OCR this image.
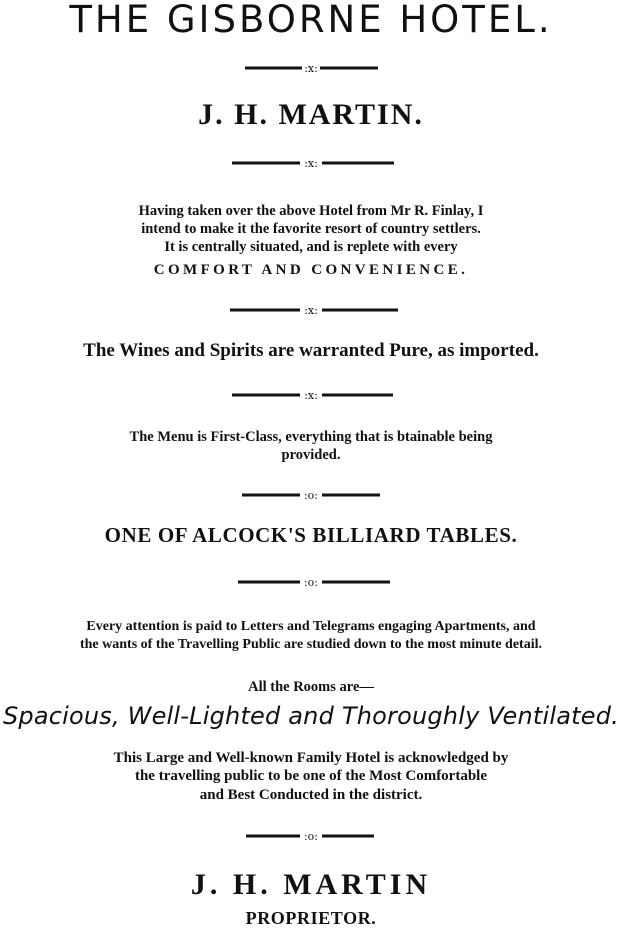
THE GISBORNE HOTEL.
:x:
J. H. MARTIN.
:x:
Having taken over the above Hotel from Mr R. Finlay, I
intend to make it the favorite resort of country settlers.
It is centrally situated, and is replete with every
COMFORT AND CONVENIENCE.
:x:
The Wines and Spirits are warranted Pure, as imported.
:x:
The Menu is First-Class, everything that is btainable being
provided.
:o:
ONE OF ALCOCK'S BILLIARD TABLES.
:o:
Every attention is paid to Letters and Telegrams engaging Apartments, and
the wants of the Travelling Public are studied down to the most minute detail.
All the Rooms are—
Spacious, Well-Lighted and Thoroughly Ventilated.
This Large and Well-known Family Hotel is acknowledged by
the travelling public to be one of the Most Comfortable
and Best Conducted in the district.
:o:
J. H. MARTIN
PROPRIETOR.
